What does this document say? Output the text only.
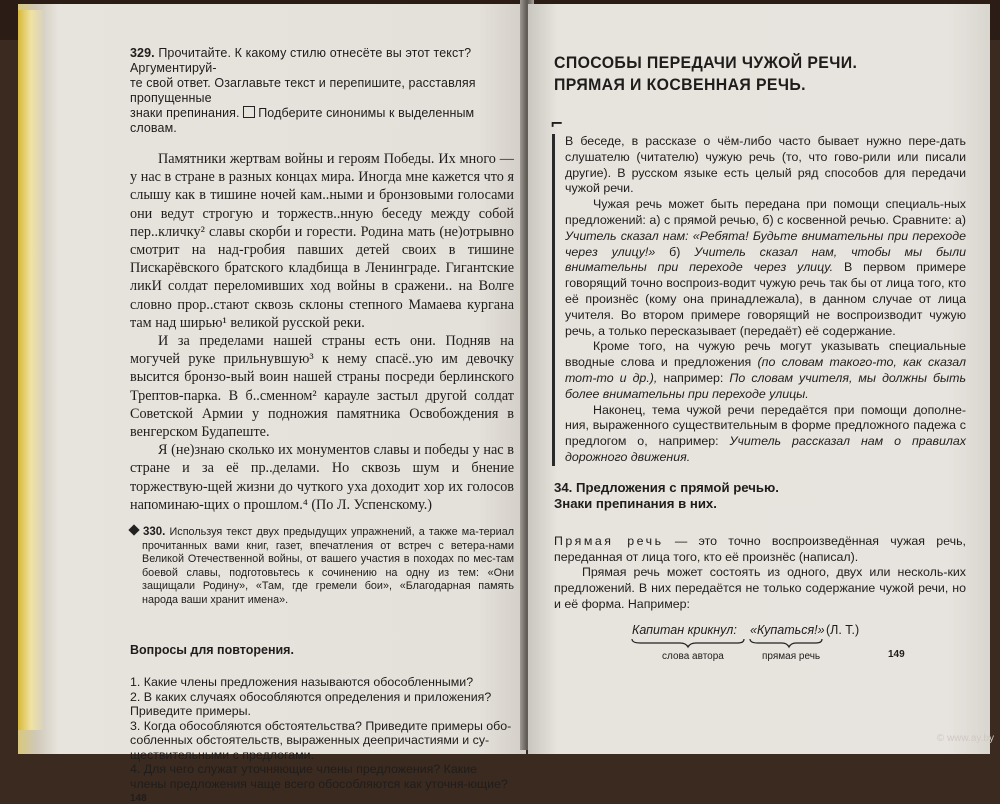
329. Прочитайте. К какому стилю отнесёте вы этот текст? Аргументируй-

те свой ответ. Озаглавьте текст и перепишите, расставляя пропущенные

знаки препинания. Подберите синонимы к выделенным словам.

Памятники жертвам войны и героям Победы. Их много — у нас в стране в разных концах мира. Иногда мне кажется что я слышу как в тишине ночей кам..ными и бронзовыми голосами они ведут строгую и торжеств..нную беседу между собой пер..кличку² славы скорби и горести. Родина мать (не)отрывно смотрит на над-гробия павших детей своих в тишине Пискарёвского братского кладбища в Ленинграде. Гигантские ликИ солдат переломивших ход войны в сражени.. на Волге словно прор..стают сквозь склоны степного Мамаева кургана там над ширью¹ великой русской реки.

И за пределами нашей страны есть они. Подняв на могучей руке прильнувшую³ к нему спасё..ую им девочку высится бронзо-вый воин нашей страны посреди берлинского Трептов-парка. В б..сменном² карауле застыл другой солдат Советской Армии у подножия памятника Освобождения в венгерском Будапеште.

Я (не)знаю сколько их монументов славы и победы у нас в стране и за её пр..делами. Но сквозь шум и бнение торжествую-щей жизни до чуткого уха доходит хор их голосов напоминаю-щих о прошлом.⁴ (По Л. Успенскому.)

330. Используя текст двух предыдущих упражнений, а также ма-териал прочитанных вами книг, газет, впечатления от встреч с ветера-нами Великой Отечественной войны, от вашего участия в походах по мес-там боевой славы, подготовьтесь к сочинению на одну из тем: «Они защищали Родину», «Там, где гремели бои», «Благодарная память народа ваши хранит имена».
Вопросы для повторения.
1. Какие члены предложения называются обособленными?
2. В каких случаях обособляются определения и приложения? Приведите примеры.
3. Когда обособляются обстоятельства? Приведите примеры обо-собленных обстоятельств, выраженных деепричастиями и су-ществительными с предлогами.
4. Для чего служат уточняющие члены предложения? Какие члены предложения чаще всего обособляются как уточня-ющие?
148
СПОСОБЫ ПЕРЕДАЧИ ЧУЖОЙ РЕЧИ.
ПРЯМАЯ И КОСВЕННАЯ РЕЧЬ.
⌐

В беседе, в рассказе о чём-либо часто бывает нужно пере-дать слушателю (читателю) чужую речь (то, что гово-рили или писали другие). В русском языке есть целый ряд способов для передачи чужой речи.

Чужая речь может быть передана при помощи специаль-ных предложений: а) с прямой речью, б) с косвенной речью. Сравните: а) Учитель сказал нам: «Ребята! Будьте внимательны при переходе через улицу!» б) Учитель сказал нам, чтобы мы были внимательны при переходе через улицу. В первом примере говорящий точно воспроиз-водит чужую речь так бы от лица того, кто её произнёс (кому она принадлежала), в данном случае от лица учителя. Во втором примере говорящий не воспроизводит чужую речь, а только пересказывает (передаёт) её содержание.

Кроме того, на чужую речь могут указывать специальные вводные слова и предложения (по словам такого-то, как сказал тот-то и др.), например: По словам учителя, мы должны быть более внимательны при переходе улицы.

Наконец, тема чужой речи передаётся при помощи дополне-ния, выраженного существительным в форме предложного падежа с предлогом о, например: Учитель рассказал нам о правилах дорожного движения.

34. Предложения с прямой речью.
Знаки препинания в них.

Прямая речь — это точно воспроизведённая чужая речь, переданная от лица того, кто её произнёс (написал).

Прямая речь может состоять из одного, двух или несколь-ких предложений. В них передаётся не только содержание чужой речи, но и её форма. Например:

Капитан крикнул: «Купаться!» (Л. Т.)
слова автора	прямая речь	149
© www.ay.by
